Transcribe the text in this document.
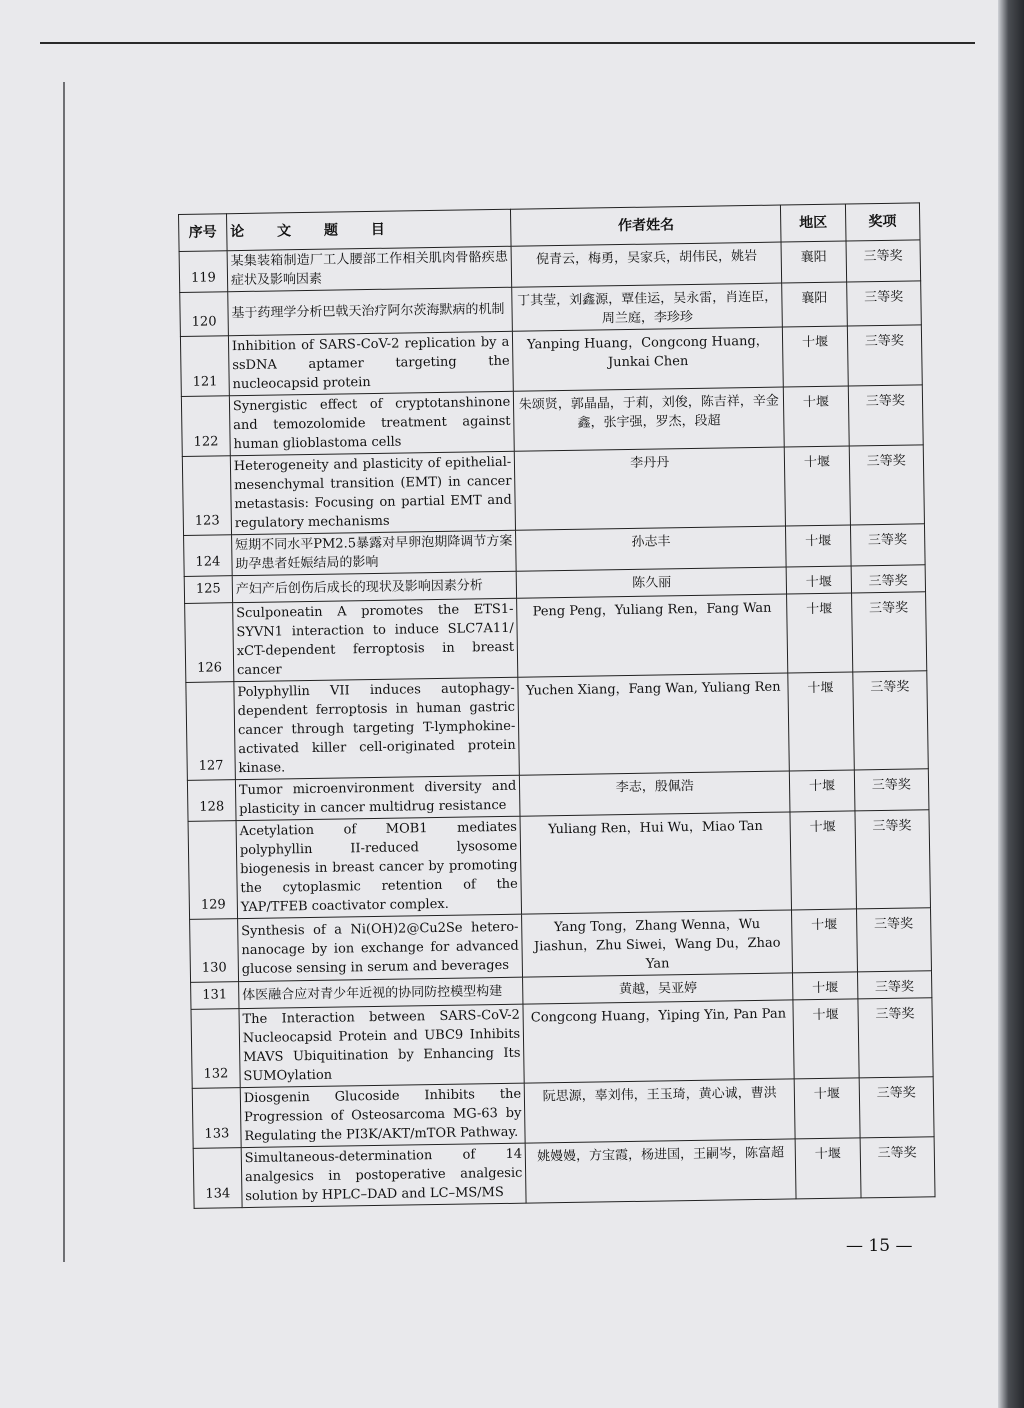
序号	论 文 题 目	作者姓名	地区	奖项
119	某集装箱制造厂工人腰部工作相关肌肉骨骼疾患症状及影响因素	倪青云，梅勇，吴家兵，胡伟民，姚岩	襄阳	三等奖
120	基于药理学分析巴戟天治疗阿尔茨海默病的机制	丁其莹，刘鑫源，覃佳运，吴永雷，肖连臣，周兰庭，李珍珍	襄阳	三等奖
121	Inhibition of SARS-CoV-2 replication by a ssDNA aptamer targeting the nucleocapsid protein	Yanping Huang，Congcong Huang，Junkai Chen	十堰	三等奖
122	Synergistic effect of cryptotanshinone and temozolomide treatment against human glioblastoma cells	朱颂贤，郭晶晶，于莉，刘俊，陈吉祥，辛金鑫，张宇强，罗杰，段超	十堰	三等奖
123	Heterogeneity and plasticity of epithelial-mesenchymal transition (EMT) in cancer metastasis: Focusing on partial EMT and regulatory mechanisms	李丹丹	十堰	三等奖
124	短期不同水平PM2.5暴露对早卵泡期降调节方案助孕患者妊娠结局的影响	孙志丰	十堰	三等奖
125	产妇产后创伤后成长的现状及影响因素分析	陈久丽	十堰	三等奖
126	Sculponeatin A promotes the ETS1-SYVN1 interaction to induce SLC7A11/ xCT-dependent ferroptosis in breast cancer	Peng Peng，Yuliang Ren，Fang Wan	十堰	三等奖
127	Polyphyllin VII induces autophagy-dependent ferroptosis in human gastric cancer through targeting T-lymphokine-activated killer cell-originated protein kinase.	Yuchen Xiang，Fang Wan, Yuliang Ren	十堰	三等奖
128	Tumor microenvironment diversity and plasticity in cancer multidrug resistance	李志，殷佩浩	十堰	三等奖
129	Acetylation of MOB1 mediates polyphyllin II-reduced lysosome biogenesis in breast cancer by promoting the cytoplasmic retention of the YAP/TFEB coactivator complex.	Yuliang Ren，Hui Wu，Miao Tan	十堰	三等奖
130	Synthesis of a Ni(OH)2@Cu2Se hetero-nanocage by ion exchange for advanced glucose sensing in serum and beverages	Yang Tong，Zhang Wenna，Wu Jiashun，Zhu Siwei，Wang Du，Zhao Yan	十堰	三等奖
131	体医融合应对青少年近视的协同防控模型构建	黄越，吴亚婷	十堰	三等奖
132	The Interaction between SARS-CoV-2 Nucleocapsid Protein and UBC9 Inhibits MAVS Ubiquitination by Enhancing Its SUMOylation	Congcong Huang，Yiping Yin, Pan Pan	十堰	三等奖
133	Diosgenin Glucoside Inhibits the Progression of Osteosarcoma MG-63 by Regulating the PI3K/AKT/mTOR Pathway.	阮思源，辜刘伟，王玉琦，黄心诚，曹洪	十堰	三等奖
134	Simultaneous-determination of 14 analgesics in postoperative analgesic solution by HPLC–DAD and LC–MS/MS	姚嫚嫚，方宝霞，杨进国，王嗣岑，陈富超	十堰	三等奖
— 15 —
